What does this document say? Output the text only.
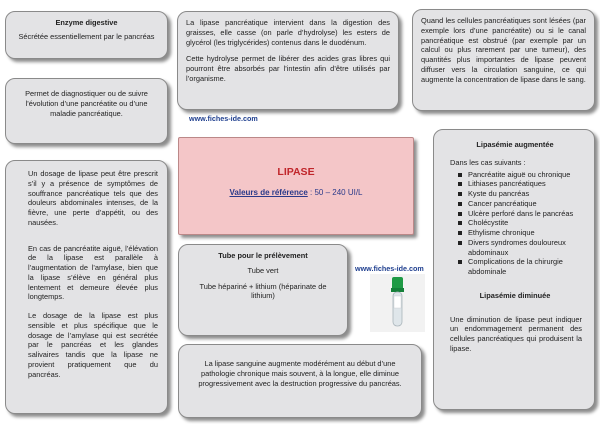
Enzyme digestive

Sécrétée essentiellement par le pancréas

La lipase pancréatique intervient dans la digestion des graisses, elle casse (on parle d’hydrolyse) les esters de glycérol (les triglycérides) contenus dans le duodénum.

Cette hydrolyse permet de libérer des acides gras libres qui pourront être absorbés par l’intestin afin d’être utilisés par l’organisme.

Quand les cellules pancréatiques sont lésées (par exemple lors d’une pancréatite) ou si le canal pancréatique est obstrué (par exemple par un calcul ou plus rarement par une tumeur), des quantités plus importantes de lipase peuvent diffuser vers la circulation sanguine, ce qui augmente la concentration de lipase dans le sang.

Permet de diagnostiquer ou de suivre l’évolution d’une pancréatite ou d’une maladie pancréatique.

www.fiches-ide.com
LIPASE
Valeurs de référence : 50 – 240 UI/L

Un dosage de lipase peut être prescrit s’il y a présence de symptômes de souffrance pancréatique tels que des douleurs abdominales intenses, de la fièvre, une perte d’appétit, ou des nausées.

En cas de pancréatite aiguë, l’élévation de la lipase est parallèle à l’augmentation de l’amylase, bien que la lipase s’élève en général plus lentement et demeure élevée plus longtemps.

Le dosage de la lipase est plus sensible et plus spécifique que le dosage de l’amylase qui est secrétée par le pancréas et les glandes salivaires tandis que la lipase ne provient pratiquement que du pancréas.

Tube pour le prélèvement

Tube vert

Tube hépariné + lithium (héparinate de lithium)

www.fiches-ide.com

La lipase sanguine augmente modérément au début d’une pathologie chronique mais souvent, à la longue, elle diminue progressivement avec la destruction progressive du pancréas.

Lipasémie augmentée

Dans les cas suivants :

Pancréatite aiguë ou chronique
Lithiases pancréatiques
Kyste du pancréas
Cancer pancréatique
Ulcère perforé dans le pancréas
Cholécystite
Ethylisme chronique
Divers syndromes douloureux abdominaux
Complications de la chirurgie abdominale

Lipasémie diminuée

Une diminution de lipase peut indiquer un endommagement permanent des cellules pancréatiques qui produisent la lipase.
